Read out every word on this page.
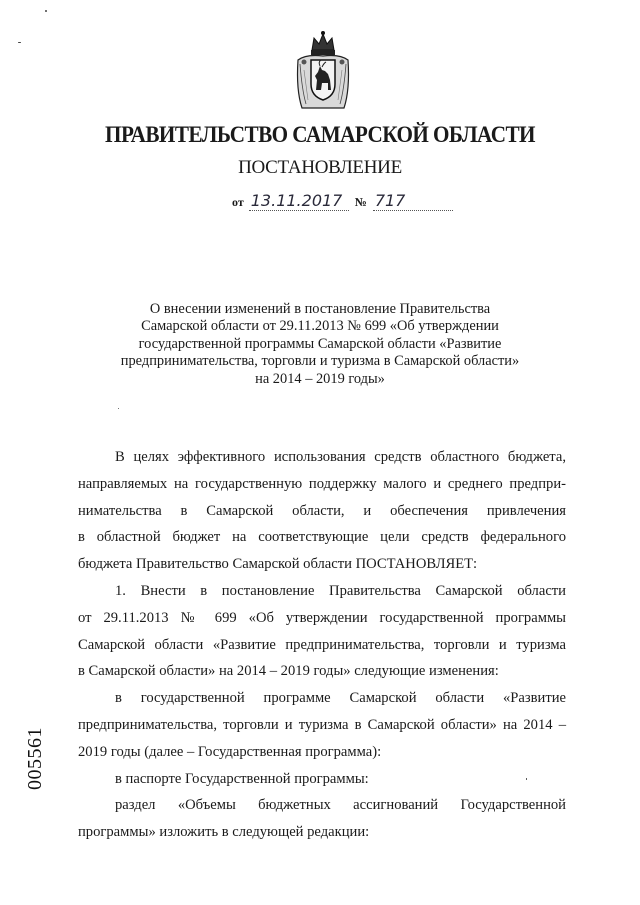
ПРАВИТЕЛЬСТВО САМАРСКОЙ ОБЛАСТИ
ПОСТАНОВЛЕНИЕ
от 13.11.2017 № 717
О внесении изменений в постановление Правительства
Самарской области от 29.11.2013 № 699 «Об утверждении
государственной программы Самарской области «Развитие
предпринимательства, торговли и туризма в Самарской области»
на 2014 – 2019 годы»

В целях эффективного использования средств областного бюджета,
направляемых на государственную поддержку малого и среднего предпри-
нимательства в Самарской области, и обеспечения привлечения
в областной бюджет на соответствующие цели средств федерального
бюджета Правительство Самарской области ПОСТАНОВЛЯЕТ:

1. Внести в постановление Правительства Самарской области
от 29.11.2013 № 699 «Об утверждении государственной программы
Самарской области «Развитие предпринимательства, торговли и туризма
в Самарской области» на 2014 – 2019 годы» следующие изменения:

в государственной программе Самарской области «Развитие
предпринимательства, торговли и туризма в Самарской области» на 2014 –
2019 годы (далее – Государственная программа):

в паспорте Государственной программы:

раздел «Объемы бюджетных ассигнований Государственной
программы» изложить в следующей редакции:

005561
